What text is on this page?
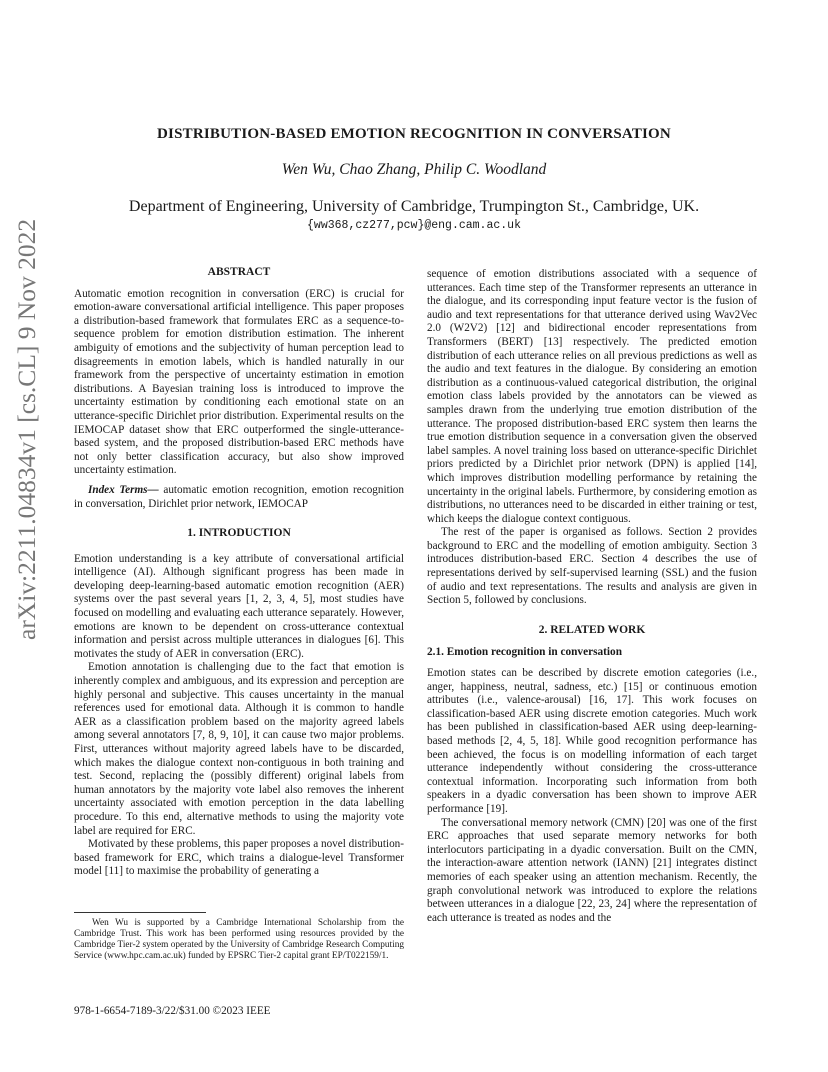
DISTRIBUTION-BASED EMOTION RECOGNITION IN CONVERSATION
Wen Wu, Chao Zhang, Philip C. Woodland
Department of Engineering, University of Cambridge, Trumpington St., Cambridge, UK.
{ww368,cz277,pcw}@eng.cam.ac.uk
arXiv:2211.04834v1 [cs.CL] 9 Nov 2022	ABSTRACT

Automatic emotion recognition in conversation (ERC) is crucial for emotion-aware conversational artificial intelligence. This paper proposes a distribution-based framework that formulates ERC as a sequence-to-sequence problem for emotion distribution estimation. The inherent ambiguity of emotions and the subjectivity of human perception lead to disagreements in emotion labels, which is handled naturally in our framework from the perspective of uncertainty estimation in emotion distributions. A Bayesian training loss is introduced to improve the uncertainty estimation by conditioning each emotional state on an utterance-specific Dirichlet prior distribution. Experimental results on the IEMOCAP dataset show that ERC outperformed the single-utterance-based system, and the proposed distribution-based ERC methods have not only better classification accuracy, but also show improved uncertainty estimation.

Index Terms— automatic emotion recognition, emotion recognition in conversation, Dirichlet prior network, IEMOCAP

1. INTRODUCTION

Emotion understanding is a key attribute of conversational artificial intelligence (AI). Although significant progress has been made in developing deep-learning-based automatic emotion recognition (AER) systems over the past several years [1, 2, 3, 4, 5], most studies have focused on modelling and evaluating each utterance separately. However, emotions are known to be dependent on cross-utterance contextual information and persist across multiple utterances in dialogues [6]. This motivates the study of AER in conversation (ERC).

Emotion annotation is challenging due to the fact that emotion is inherently complex and ambiguous, and its expression and perception are highly personal and subjective. This causes uncertainty in the manual references used for emotional data. Although it is common to handle AER as a classification problem based on the majority agreed labels among several annotators [7, 8, 9, 10], it can cause two major problems. First, utterances without majority agreed labels have to be discarded, which makes the dialogue context non-contiguous in both training and test. Second, replacing the (possibly different) original labels from human annotators by the majority vote label also removes the inherent uncertainty associated with emotion perception in the data labelling procedure. To this end, alternative methods to using the majority vote label are required for ERC.

Motivated by these problems, this paper proposes a novel distribution-based framework for ERC, which trains a dialogue-level Transformer model [11] to maximise the probability of generating a

sequence of emotion distributions associated with a sequence of utterances. Each time step of the Transformer represents an utterance in the dialogue, and its corresponding input feature vector is the fusion of audio and text representations for that utterance derived using Wav2Vec 2.0 (W2V2) [12] and bidirectional encoder representations from Transformers (BERT) [13] respectively. The predicted emotion distribution of each utterance relies on all previous predictions as well as the audio and text features in the dialogue. By considering an emotion distribution as a continuous-valued categorical distribution, the original emotion class labels provided by the annotators can be viewed as samples drawn from the underlying true emotion distribution of the utterance. The proposed distribution-based ERC system then learns the true emotion distribution sequence in a conversation given the observed label samples. A novel training loss based on utterance-specific Dirichlet priors predicted by a Dirichlet prior network (DPN) is applied [14], which improves distribution modelling performance by retaining the uncertainty in the original labels. Furthermore, by considering emotion as distributions, no utterances need to be discarded in either training or test, which keeps the dialogue context contiguous.

The rest of the paper is organised as follows. Section 2 provides background to ERC and the modelling of emotion ambiguity. Section 3 introduces distribution-based ERC. Section 4 describes the use of representations derived by self-supervised learning (SSL) and the fusion of audio and text representations. The results and analysis are given in Section 5, followed by conclusions.

2. RELATED WORK

2.1. Emotion recognition in conversation

Emotion states can be described by discrete emotion categories (i.e., anger, happiness, neutral, sadness, etc.) [15] or continuous emotion attributes (i.e., valence-arousal) [16, 17]. This work focuses on classification-based AER using discrete emotion categories. Much work has been published in classification-based AER using deep-learning-based methods [2, 4, 5, 18]. While good recognition performance has been achieved, the focus is on modelling information of each target utterance independently without considering the cross-utterance contextual information. Incorporating such information from both speakers in a dyadic conversation has been shown to improve AER performance [19].

The conversational memory network (CMN) [20] was one of the first ERC approaches that used separate memory networks for both interlocutors participating in a dyadic conversation. Built on the CMN, the interaction-aware attention network (IANN) [21] integrates distinct memories of each speaker using an attention mechanism. Recently, the graph convolutional network was introduced to explore the relations between utterances in a dialogue [22, 23, 24] where the representation of each utterance is treated as nodes and the

Wen Wu is supported by a Cambridge International Scholarship from the Cambridge Trust. This work has been performed using resources provided by the Cambridge Tier-2 system operated by the University of Cambridge Research Computing Service (www.hpc.cam.ac.uk) funded by EPSRC Tier-2 capital grant EP/T022159/1.

978-1-6654-7189-3/22/$31.00 ©2023 IEEE
